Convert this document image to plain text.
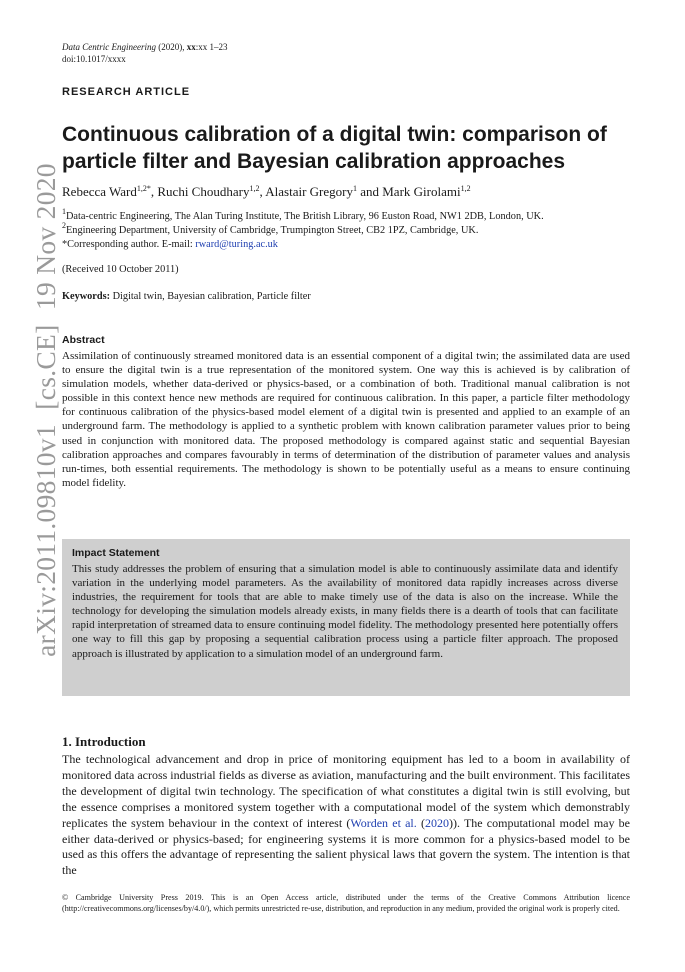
arXiv:2011.09810v1  [cs.CE]  19 Nov 2020
Data Centric Engineering (2020), xx:xx 1–23
doi:10.1017/xxxx
RESEARCH ARTICLE
Continuous calibration of a digital twin: comparison of particle filter and Bayesian calibration approaches
Rebecca Ward$^{1,2*}$, Ruchi Choudhary$^{1,2}$, Alastair Gregory$^1$ and Mark Girolami$^{1,2}$
$^1$Data-centric Engineering, The Alan Turing Institute, The British Library, 96 Euston Road, NW1 2DB, London, UK.
$^2$Engineering Department, University of Cambridge, Trumpington Street, CB2 1PZ, Cambridge, UK.
*Corresponding author. E-mail: rward@turing.ac.uk
(Received 10 October 2011)
Keywords: Digital twin, Bayesian calibration, Particle filter
Abstract
Assimilation of continuously streamed monitored data is an essential component of a digital twin; the assimilated data are used to ensure the digital twin is a true representation of the monitored system. One way this is achieved is by calibration of simulation models, whether data-derived or physics-based, or a combination of both. Traditional manual calibration is not possible in this context hence new methods are required for continuous calibration. In this paper, a particle filter methodology for continuous calibration of the physics-based model element of a digital twin is presented and applied to an example of an underground farm. The methodology is applied to a synthetic problem with known calibration parameter values prior to being used in conjunction with monitored data. The proposed methodology is compared against static and sequential Bayesian calibration approaches and compares favourably in terms of determination of the distribution of parameter values and analysis run-times, both essential requirements. The methodology is shown to be potentially useful as a means to ensure continuing model fidelity.
Impact Statement
This study addresses the problem of ensuring that a simulation model is able to continuously assimilate data and identify variation in the underlying model parameters. As the availability of monitored data rapidly increases across diverse industries, the requirement for tools that are able to make timely use of the data is also on the increase. While the technology for developing the simulation models already exists, in many fields there is a dearth of tools that can facilitate rapid interpretation of streamed data to ensure continuing model fidelity. The methodology presented here potentially offers one way to fill this gap by proposing a sequential calibration process using a particle filter approach. The proposed approach is illustrated by application to a simulation model of an underground farm.
1. Introduction
The technological advancement and drop in price of monitoring equipment has led to a boom in availability of monitored data across industrial fields as diverse as aviation, manufacturing and the built environment. This facilitates the development of digital twin technology. The specification of what constitutes a digital twin is still evolving, but the essence comprises a monitored system together with a computational model of the system which demonstrably replicates the system behaviour in the context of interest (Worden et al. (2020)). The computational model may be either data-derived or physics-based; for engineering systems it is more common for a physics-based model to be used as this offers the advantage of representing the salient physical laws that govern the system. The intention is that the
© Cambridge University Press 2019. This is an Open Access article, distributed under the terms of the Creative Commons Attribution licence (http://creativecommons.org/licenses/by/4.0/), which permits unrestricted re-use, distribution, and reproduction in any medium, provided the original work is properly cited.
